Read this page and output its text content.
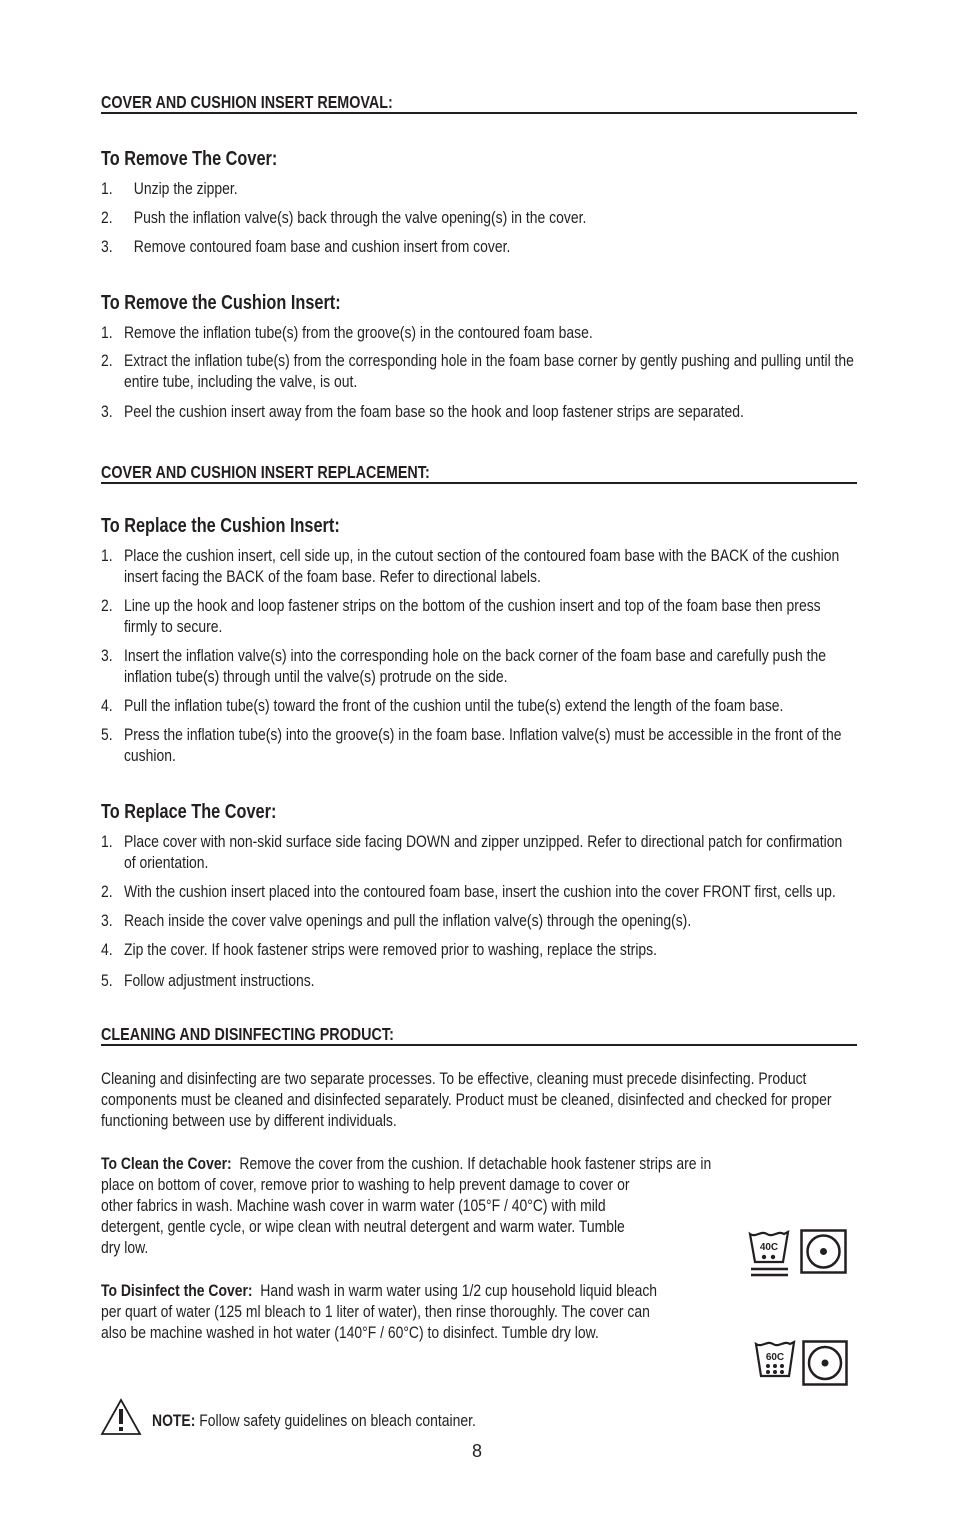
COVER AND CUSHION INSERT REMOVAL:
To Remove The Cover:
1. Unzip the zipper.
2. Push the inflation valve(s) back through the valve opening(s) in the cover.
3. Remove contoured foam base and cushion insert from cover.
To Remove the Cushion Insert:
1. Remove the inflation tube(s) from the groove(s) in the contoured foam base.
2. Extract the inflation tube(s) from the corresponding hole in the foam base corner by gently pushing and pulling until the entire tube, including the valve, is out.
3. Peel the cushion insert away from the foam base so the hook and loop fastener strips are separated.
COVER AND CUSHION INSERT REPLACEMENT:
To Replace the Cushion Insert:
1. Place the cushion insert, cell side up, in the cutout section of the contoured foam base with the BACK of the cushion insert facing the BACK of the foam base. Refer to directional labels.
2. Line up the hook and loop fastener strips on the bottom of the cushion insert and top of the foam base then press firmly to secure.
3. Insert the inflation valve(s) into the corresponding hole on the back corner of the foam base and carefully push the inflation tube(s) through until the valve(s) protrude on the side.
4. Pull the inflation tube(s) toward the front of the cushion until the tube(s) extend the length of the foam base.
5. Press the inflation tube(s) into the groove(s) in the foam base. Inflation valve(s) must be accessible in the front of the cushion.
To Replace The Cover:
1. Place cover with non-skid surface side facing DOWN and zipper unzipped. Refer to directional patch for confirmation of orientation.
2. With the cushion insert placed into the contoured foam base, insert the cushion into the cover FRONT first, cells up.
3. Reach inside the cover valve openings and pull the inflation valve(s) through the opening(s).
4. Zip the cover. If hook fastener strips were removed prior to washing, replace the strips.
5. Follow adjustment instructions.
CLEANING AND DISINFECTING PRODUCT:

Cleaning and disinfecting are two separate processes. To be effective, cleaning must precede disinfecting. Product components must be cleaned and disinfected separately. Product must be cleaned, disinfected and checked for proper functioning between use by different individuals.

To Clean the Cover: Remove the cover from the cushion. If detachable hook fastener strips are in
place on bottom of cover, remove prior to washing to help prevent damage to cover or
other fabrics in wash. Machine wash cover in warm water (105°F / 40°C) with mild
detergent, gentle cycle, or wipe clean with neutral detergent and warm water. Tumble
dry low.
To Disinfect the Cover: Hand wash in warm water using 1/2 cup household liquid bleach
per quart of water (125 ml bleach to 1 liter of water), then rinse thoroughly. The cover can
also be machine washed in hot water (140°F / 60°C) to disinfect. Tumble dry low.
40C
60C
NOTE: Follow safety guidelines on bleach container.
8
